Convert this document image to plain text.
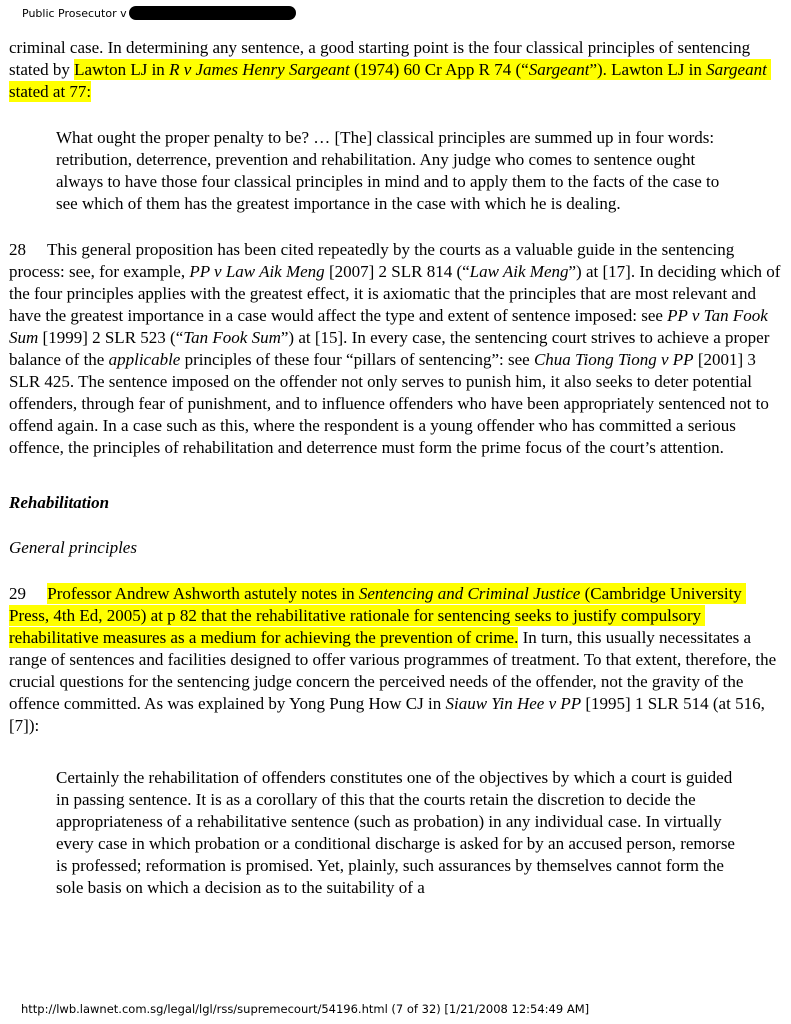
Public Prosecutor v

criminal case. In determining any sentence, a good starting point is the four classical principles of sentencing stated by Lawton LJ in R v James Henry Sargeant (1974) 60 Cr App R 74 (“Sargeant”). Lawton LJ in Sargeant stated at 77:

What ought the proper penalty to be? … [The] classical principles are summed up in four words: retribution, deterrence, prevention and rehabilitation. Any judge who comes to sentence ought always to have those four classical principles in mind and to apply them to the facts of the case to see which of them has the greatest importance in the case with which he is dealing.

28     This general proposition has been cited repeatedly by the courts as a valuable guide in the sentencing process: see, for example, PP v Law Aik Meng [2007] 2 SLR 814 (“Law Aik Meng”) at [17]. In deciding which of the four principles applies with the greatest effect, it is axiomatic that the principles that are most relevant and have the greatest importance in a case would affect the type and extent of sentence imposed: see PP v Tan Fook Sum [1999] 2 SLR 523 (“Tan Fook Sum”) at [15]. In every case, the sentencing court strives to achieve a proper balance of the applicable principles of these four “pillars of sentencing”: see Chua Tiong Tiong v PP [2001] 3 SLR 425. The sentence imposed on the offender not only serves to punish him, it also seeks to deter potential offenders, through fear of punishment, and to influence offenders who have been appropriately sentenced not to offend again. In a case such as this, where the respondent is a young offender who has committed a serious offence, the principles of rehabilitation and deterrence must form the prime focus of the court’s attention.

Rehabilitation
General principles

29     Professor Andrew Ashworth astutely notes in Sentencing and Criminal Justice (Cambridge University Press, 4th Ed, 2005) at p 82 that the rehabilitative rationale for sentencing seeks to justify compulsory rehabilitative measures as a medium for achieving the prevention of crime. In turn, this usually necessitates a range of sentences and facilities designed to offer various programmes of treatment. To that extent, therefore, the crucial questions for the sentencing judge concern the perceived needs of the offender, not the gravity of the offence committed. As was explained by Yong Pung How CJ in Siauw Yin Hee v PP [1995] 1 SLR 514 (at 516, [7]):

Certainly the rehabilitation of offenders constitutes one of the objectives by which a court is guided in passing sentence. It is as a corollary of this that the courts retain the discretion to decide the appropriateness of a rehabilitative sentence (such as probation) in any individual case. In virtually every case in which probation or a conditional discharge is asked for by an accused person, remorse is professed; reformation is promised. Yet, plainly, such assurances by themselves cannot form the sole basis on which a decision as to the suitability of a
http://lwb.lawnet.com.sg/legal/lgl/rss/supremecourt/54196.html (7 of 32) [1/21/2008 12:54:49 AM]
